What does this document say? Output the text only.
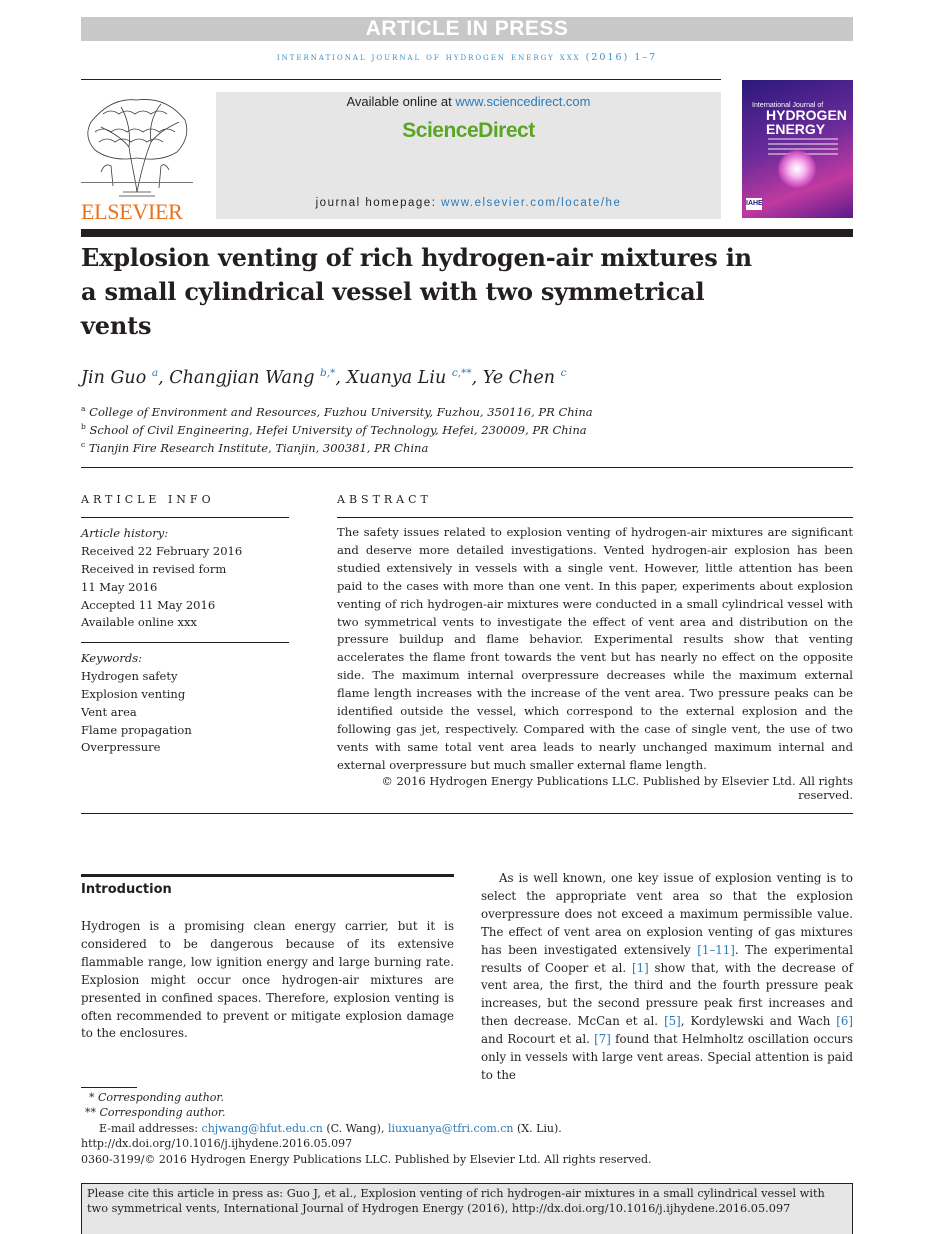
ARTICLE IN PRESS
international journal of hydrogen energy xxx (2016) 1–7
ELSEVIER
Available online at www.sciencedirect.com
ScienceDirect
journal homepage: www.elsevier.com/locate/he
International Journal of
HYDROGEN
ENERGY
IAHE
Explosion venting of rich hydrogen-air mixtures in a small cylindrical vessel with two symmetrical vents
Jin Guo $^a$, Changjian Wang $^{b,*}$, Xuanya Liu $^{c,**}$, Ye Chen $^c$
$^a$ College of Environment and Resources, Fuzhou University, Fuzhou, 350116, PR China
$^b$ School of Civil Engineering, Hefei University of Technology, Hefei, 230009, PR China
$^c$ Tianjin Fire Research Institute, Tianjin, 300381, PR China
ARTICLE INFO
Article history:
Received 22 February 2016
Received in revised form
11 May 2016
Accepted 11 May 2016
Available online xxx
Keywords:
Hydrogen safety
Explosion venting
Vent area
Flame propagation
Overpressure
ABSTRACT
The safety issues related to explosion venting of hydrogen-air mixtures are significant and deserve more detailed investigations. Vented hydrogen-air explosion has been studied extensively in vessels with a single vent. However, little attention has been paid to the cases with more than one vent. In this paper, experiments about explosion venting of rich hydrogen-air mixtures were conducted in a small cylindrical vessel with two symmetrical vents to investigate the effect of vent area and distribution on the pressure buildup and flame behavior. Experimental results show that venting accelerates the flame front towards the vent but has nearly no effect on the opposite side. The maximum internal overpressure decreases while the maximum external flame length increases with the increase of the vent area. Two pressure peaks can be identified outside the vessel, which correspond to the external explosion and the following gas jet, respectively. Compared with the case of single vent, the use of two vents with same total vent area leads to nearly unchanged maximum internal and external overpressure but much smaller external flame length.
© 2016 Hydrogen Energy Publications LLC. Published by Elsevier Ltd. All rights reserved.
Introduction
Hydrogen is a promising clean energy carrier, but it is considered to be dangerous because of its extensive flammable range, low ignition energy and large burning rate. Explosion might occur once hydrogen-air mixtures are presented in confined spaces. Therefore, explosion venting is often recommended to prevent or mitigate explosion damage to the enclosures.
As is well known, one key issue of explosion venting is to select the appropriate vent area so that the explosion overpressure does not exceed a maximum permissible value. The effect of vent area on explosion venting of gas mixtures has been investigated extensively [1–11]. The experimental results of Cooper et al. [1] show that, with the decrease of vent area, the first, the third and the fourth pressure peak increases, but the second pressure peak first increases and then decrease. McCan et al. [5], Kordylewski and Wach [6] and Rocourt et al. [7] found that Helmholtz oscillation occurs only in vessels with large vent areas. Special attention is paid to the
* Corresponding author.
** Corresponding author.
E-mail addresses: chjwang@hfut.edu.cn (C. Wang), liuxuanya@tfri.com.cn (X. Liu).
http://dx.doi.org/10.1016/j.ijhydene.2016.05.097
0360-3199/© 2016 Hydrogen Energy Publications LLC. Published by Elsevier Ltd. All rights reserved.
Please cite this article in press as: Guo J, et al., Explosion venting of rich hydrogen-air mixtures in a small cylindrical vessel with two symmetrical vents, International Journal of Hydrogen Energy (2016), http://dx.doi.org/10.1016/j.ijhydene.2016.05.097
